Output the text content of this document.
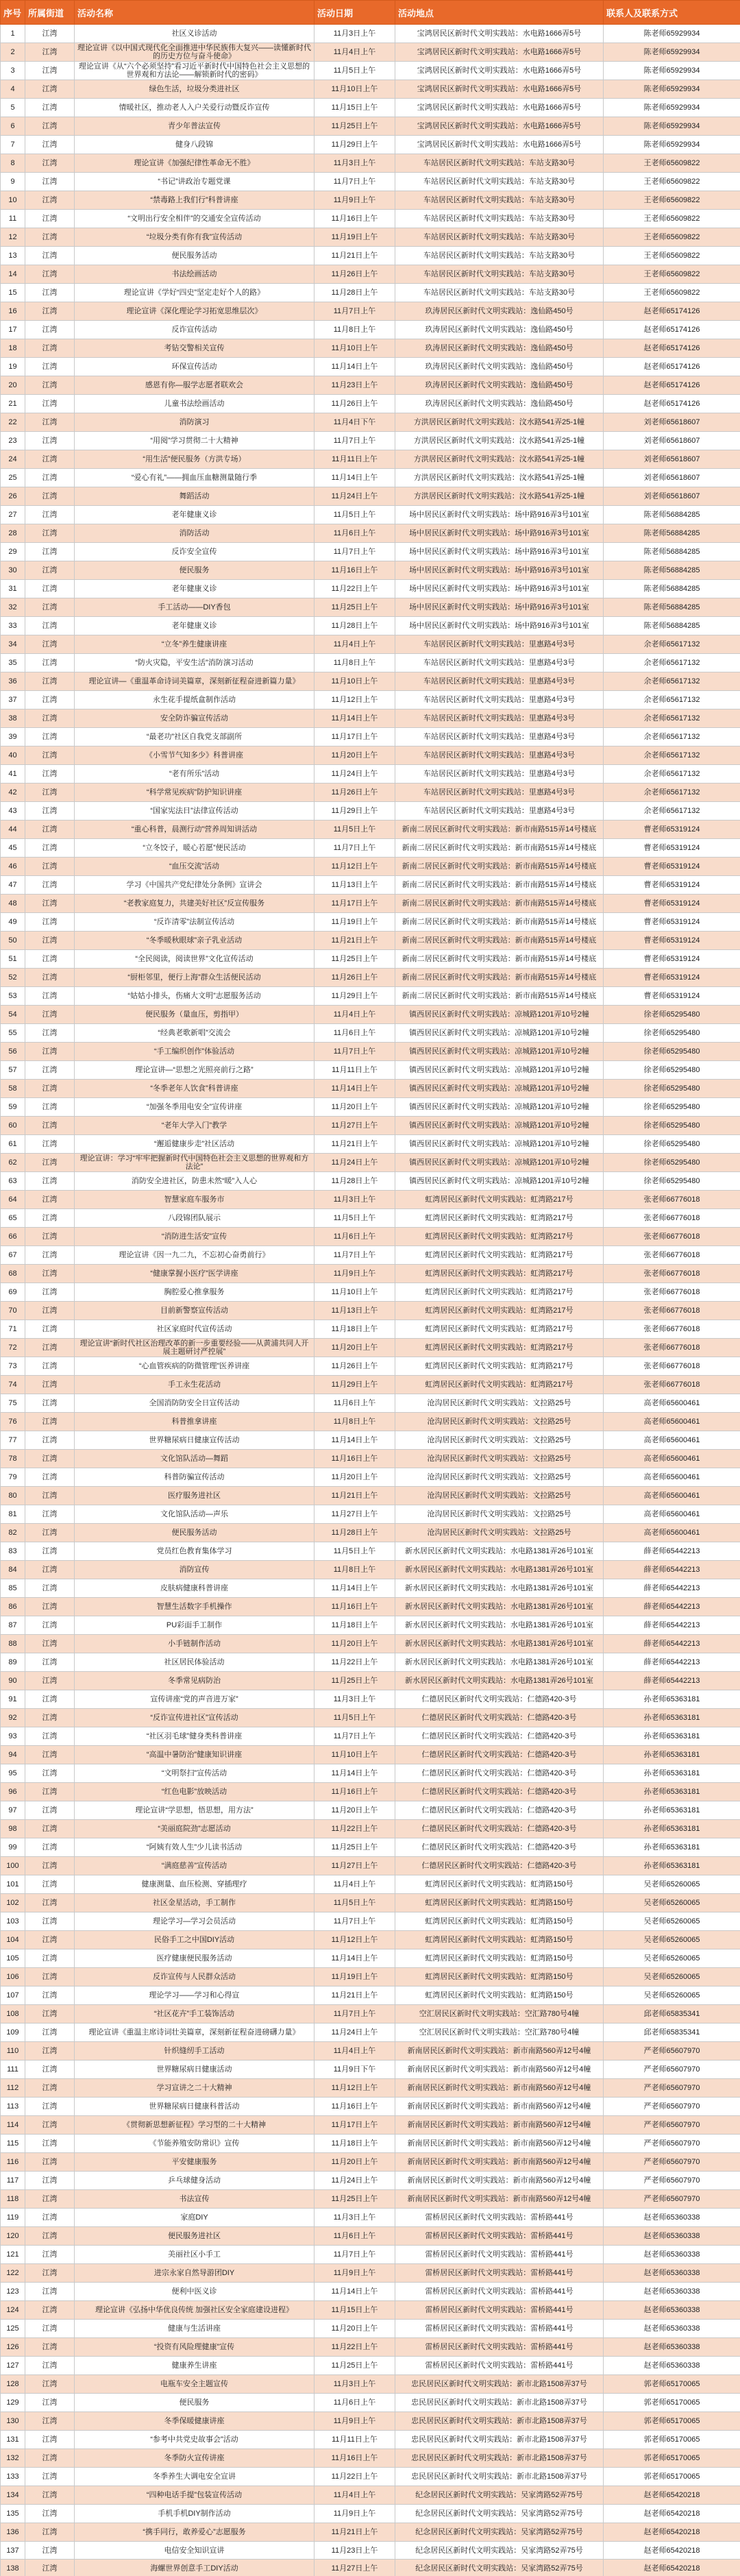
序号	所属街道	活动名称	活动日期	活动地点	联系人及联系方式
1	江湾	社区义诊活动	11月3日上午	宝鸿居民区新时代文明实践站：水电路1666弄5号	陈老师65929934
2	江湾	理论宣讲《以中国式现代化全面推进中华民族伟大复兴——读懂新时代的历史方位与奋斗使命》	11月4日上午	宝鸿居民区新时代文明实践站：水电路1666弄5号	陈老师65929934
3	江湾	理论宣讲《从“六个必须坚持”看习近平新时代中国特色社会主义思想的世界观和方法论——解锁新时代的密码》	11月5日上午	宝鸿居民区新时代文明实践站：水电路1666弄5号	陈老师65929934
4	江湾	绿色生活，垃圾分类进社区	11月10日上午	宝鸿居民区新时代文明实践站：水电路1666弄5号	陈老师65929934
5	江湾	情暖社区，推动老人入户关爱行动暨反诈宣传	11月15日上午	宝鸿居民区新时代文明实践站：水电路1666弄5号	陈老师65929934
6	江湾	青少年普法宣传	11月25日上午	宝鸿居民区新时代文明实践站：水电路1666弄5号	陈老师65929934
7	江湾	健身八段锦	11月29日上午	宝鸿居民区新时代文明实践站：水电路1666弄5号	陈老师65929934
8	江湾	理论宣讲《加强纪律性革命无不胜》	11月3日上午	车站居民区新时代文明实践站：车站支路30号	王老师65609822
9	江湾	“书记”讲政治专题党课	11月7日上午	车站居民区新时代文明实践站：车站支路30号	王老师65609822
10	江湾	“禁毒路上我们行”科普讲座	11月9日上午	车站居民区新时代文明实践站：车站支路30号	王老师65609822
11	江湾	“文明出行安全相伴”的交通安全宣传活动	11月16日上午	车站居民区新时代文明实践站：车站支路30号	王老师65609822
12	江湾	“垃圾分类有你有我”宣传活动	11月19日上午	车站居民区新时代文明实践站：车站支路30号	王老师65609822
13	江湾	便民服务活动	11月21日上午	车站居民区新时代文明实践站：车站支路30号	王老师65609822
14	江湾	书法绘画活动	11月26日上午	车站居民区新时代文明实践站：车站支路30号	王老师65609822
15	江湾	理论宣讲《学好“四史”坚定走好个人的路》	11月28日上午	车站居民区新时代文明实践站：车站支路30号	王老师65609822
16	江湾	理论宣讲《深化理论学习拓宽思维层次》	11月7日上午	玖涛居民区新时代文明实践站：逸仙路450号	赵老师65174126
17	江湾	反诈宣传活动	11月8日上午	玖涛居民区新时代文明实践站：逸仙路450号	赵老师65174126
18	江湾	考钻交警相关宣传	11月10日上午	玖涛居民区新时代文明实践站：逸仙路450号	赵老师65174126
19	江湾	环保宣传活动	11月14日上午	玖涛居民区新时代文明实践站：逸仙路450号	赵老师65174126
20	江湾	感恩有你—服学志愿者联欢会	11月23日上午	玖涛居民区新时代文明实践站：逸仙路450号	赵老师65174126
21	江湾	儿童书法绘画活动	11月26日上午	玖涛居民区新时代文明实践站：逸仙路450号	赵老师65174126
22	江湾	消防演习	11月4日下午	方洪居民区新时代文明实践站：汶水路541弄25-1幢	刘老师65618607
23	江湾	“用阅”学习贯彻二十大精神	11月7日上午	方洪居民区新时代文明实践站：汶水路541弄25-1幢	刘老师65618607
24	江湾	“用生活”便民服务（方洪专场）	11月11日上午	方洪居民区新时代文明实践站：汶水路541弄25-1幢	刘老师65618607
25	江湾	“爱心有礼”——拥血压血糖测量随行季	11月14日上午	方洪居民区新时代文明实践站：汶水路541弄25-1幢	刘老师65618607
26	江湾	舞蹈活动	11月24日上午	方洪居民区新时代文明实践站：汶水路541弄25-1幢	刘老师65618607
27	江湾	老年健康义诊	11月5日上午	场中居民区新时代文明实践站：场中路916弄3号101室	陈老师56884285
28	江湾	消防活动	11月6日上午	场中居民区新时代文明实践站：场中路916弄3号101室	陈老师56884285
29	江湾	反诈安全宣传	11月7日上午	场中居民区新时代文明实践站：场中路916弄3号101室	陈老师56884285
30	江湾	便民服务	11月16日上午	场中居民区新时代文明实践站：场中路916弄3号101室	陈老师56884285
31	江湾	老年健康义诊	11月22日上午	场中居民区新时代文明实践站：场中路916弄3号101室	陈老师56884285
32	江湾	手工活动——DIY香包	11月25日上午	场中居民区新时代文明实践站：场中路916弄3号101室	陈老师56884285
33	江湾	老年健康义诊	11月28日上午	场中居民区新时代文明实践站：场中路916弄3号101室	陈老师56884285
34	江湾	“立冬”养生健康讲座	11月4日上午	车站居民区新时代文明实践站：里惠路4号3号	余老师65617132
35	江湾	“防火灾隐，平安生活”消防演习活动	11月8日上午	车站居民区新时代文明实践站：里惠路4号3号	余老师65617132
36	江湾	理论宣讲—《重温革命诗词美篇章，深刻新征程奋进新篇力量》	11月10日上午	车站居民区新时代文明实践站：里惠路4号3号	余老师65617132
37	江湾	永生花手提纸盒制作活动	11月12日上午	车站居民区新时代文明实践站：里惠路4号3号	余老师65617132
38	江湾	安全防诈骗宣传活动	11月14日上午	车站居民区新时代文明实践站：里惠路4号3号	余老师65617132
39	江湾	“最老功”社区自我党支部副所	11月17日上午	车站居民区新时代文明实践站：里惠路4号3号	余老师65617132
40	江湾	《小雪节气知多少》科普讲座	11月20日上午	车站居民区新时代文明实践站：里惠路4号3号	余老师65617132
41	江湾	“老有所乐”活动	11月24日上午	车站居民区新时代文明实践站：里惠路4号3号	余老师65617132
42	江湾	“科学常见疾病”防护知识讲座	11月26日上午	车站居民区新时代文明实践站：里惠路4号3号	余老师65617132
43	江湾	“国家宪法日”法律宣传活动	11月29日上午	车站居民区新时代文明实践站：里惠路4号3号	余老师65617132
44	江湾	“重心科普，晨测行动”营养周知讲活动	11月5日上午	新南二居民区新时代文明实践站：新市南路515弄14号楼底	曹老师65319124
45	江湾	“立冬饺子，暖心若愿”便民活动	11月7日上午	新南二居民区新时代文明实践站：新市南路515弄14号楼底	曹老师65319124
46	江湾	“血压交流”活动	11月12日上午	新南二居民区新时代文明实践站：新市南路515弄14号楼底	曹老师65319124
47	江湾	学习《中国共产党纪律处分条例》宣讲会	11月13日上午	新南二居民区新时代文明实践站：新市南路515弄14号楼底	曹老师65319124
48	江湾	“老教家庭复力，共建美好社区”反宣传服务	11月17日上午	新南二居民区新时代文明实践站：新市南路515弄14号楼底	曹老师65319124
49	江湾	“反诈清零”法制宣传活动	11月19日上午	新南二居民区新时代文明实践站：新市南路515弄14号楼底	曹老师65319124
50	江湾	“冬季暖秋眼球”亲子乳业活动	11月21日上午	新南二居民区新时代文明实践站：新市南路515弄14号楼底	曹老师65319124
51	江湾	“全民阅读，阅读世界”文化宣传活动	11月25日上午	新南二居民区新时代文明实践站：新市南路515弄14号楼底	曹老师65319124
52	江湾	“厨柜邻里，便行上海”群众生活便民活动	11月26日上午	新南二居民区新时代文明实践站：新市南路515弄14号楼底	曹老师65319124
53	江湾	“姑姑小排头，伤痛大文明”志愿服务活动	11月29日上午	新南二居民区新时代文明实践站：新市南路515弄14号楼底	曹老师65319124
54	江湾	便民服务（量血压，剪指甲）	11月4日上午	镇西居民区新时代文明实践站：凉城路1201弄10号2幢	徐老师65295480
55	江湾	“经典老歌新唱”交流会	11月6日上午	镇西居民区新时代文明实践站：凉城路1201弄10号2幢	徐老师65295480
56	江湾	“手工编织创作”体验活动	11月7日上午	镇西居民区新时代文明实践站：凉城路1201弄10号2幢	徐老师65295480
57	江湾	理论宣讲—“思想之光照亮前行之路”	11月11日上午	镇西居民区新时代文明实践站：凉城路1201弄10号2幢	徐老师65295480
58	江湾	“冬季老年人饮食”科普讲座	11月14日上午	镇西居民区新时代文明实践站：凉城路1201弄10号2幢	徐老师65295480
59	江湾	“加强冬季用电安全”宣传讲座	11月20日上午	镇西居民区新时代文明实践站：凉城路1201弄10号2幢	徐老师65295480
60	江湾	“老年大学入门”教学	11月27日上午	镇西居民区新时代文明实践站：凉城路1201弄10号2幢	徐老师65295480
61	江湾	“邂逅健康步走”社区活动	11月21日上午	镇西居民区新时代文明实践站：凉城路1201弄10号2幢	徐老师65295480
62	江湾	理论宣讲：学习“牢牢把握新时代中国特色社会主义思想的世界观和方法论”	11月24日上午	镇西居民区新时代文明实践站：凉城路1201弄10号2幢	徐老师65295480
63	江湾	消防安全进社区，防患未然“暖”入人心	11月28日上午	镇西居民区新时代文明实践站：凉城路1201弄10号2幢	徐老师65295480
64	江湾	智慧家庭车服务市	11月3日上午	虹湾居民区新时代文明实践站：虹湾路217号	张老师66776018
65	江湾	八段锦团队展示	11月5日上午	虹湾居民区新时代文明实践站：虹湾路217号	张老师66776018
66	江湾	“消防进生活安”宣传	11月6日上午	虹湾居民区新时代文明实践站：虹湾路217号	张老师66776018
67	江湾	理论宣讲《因一九二九，不忘初心奋勇前行》	11月7日上午	虹湾居民区新时代文明实践站：虹湾路217号	张老师66776018
68	江湾	“健康掌握小医疗”医学讲座	11月9日上午	虹湾居民区新时代文明实践站：虹湾路217号	张老师66776018
69	江湾	胸腔爱心推拿服务	11月10日上午	虹湾居民区新时代文明实践站：虹湾路217号	张老师66776018
70	江湾	目前新警察宣传活动	11月13日上午	虹湾居民区新时代文明实践站：虹湾路217号	张老师66776018
71	江湾	社区家庭时代宣传活动	11月18日上午	虹湾居民区新时代文明实践站：虹湾路217号	张老师66776018
72	江湾	理论宣讲“新时代社区治理改革的新一步重要经验——从黄浦共同人开展主题研讨严控展”	11月20日上午	虹湾居民区新时代文明实践站：虹湾路217号	张老师66776018
73	江湾	“心血管疾病的防微管理”医养讲座	11月26日上午	虹湾居民区新时代文明实践站：虹湾路217号	张老师66776018
74	江湾	手工永生花活动	11月29日上午	虹湾居民区新时代文明实践站：虹湾路217号	张老师66776018
75	江湾	全国消防防安全日宣传活动	11月6日上午	沧沟居民区新时代文明实践站：文拉路25号	高老师65600461
76	江湾	科普推拿讲座	11月8日上午	沧沟居民区新时代文明实践站：文拉路25号	高老师65600461
77	江湾	世界糖尿病日健康宣传活动	11月14日上午	沧沟居民区新时代文明实践站：文拉路25号	高老师65600461
78	江湾	文化馆队活动—舞蹈	11月16日上午	沧沟居民区新时代文明实践站：文拉路25号	高老师65600461
79	江湾	科普防骗宣传活动	11月20日上午	沧沟居民区新时代文明实践站：文拉路25号	高老师65600461
80	江湾	医疗服务进社区	11月21日上午	沧沟居民区新时代文明实践站：文拉路25号	高老师65600461
81	江湾	文化馆队活动—声乐	11月27日上午	沧沟居民区新时代文明实践站：文拉路25号	高老师65600461
82	江湾	便民服务活动	11月28日上午	沧沟居民区新时代文明实践站：文拉路25号	高老师65600461
83	江湾	党员红色教育集体学习	11月5日上午	新水居民区新时代文明实践站：水电路1381弄26号101室	薛老师65442213
84	江湾	消防宣传	11月8日上午	新水居民区新时代文明实践站：水电路1381弄26号101室	薛老师65442213
85	江湾	皮肤病健康科普讲座	11月14日上午	新水居民区新时代文明实践站：水电路1381弄26号101室	薛老师65442213
86	江湾	智慧生活数字手机操作	11月16日上午	新水居民区新时代文明实践站：水电路1381弄26号101室	薛老师65442213
87	江湾	PU彩面手工制作	11月18日上午	新水居民区新时代文明实践站：水电路1381弄26号101室	薛老师65442213
88	江湾	小手链制作活动	11月20日上午	新水居民区新时代文明实践站：水电路1381弄26号101室	薛老师65442213
89	江湾	社区居民体验活动	11月22日上午	新水居民区新时代文明实践站：水电路1381弄26号101室	薛老师65442213
90	江湾	冬季常见病防治	11月25日上午	新水居民区新时代文明实践站：水电路1381弄26号101室	薛老师65442213
91	江湾	宣传讲座“党的声音进万家”	11月3日上午	仁德居民区新时代文明实践站：仁德路420-3号	孙老师65363181
92	江湾	“反诈宣传进社区”宣传活动	11月5日上午	仁德居民区新时代文明实践站：仁德路420-3号	孙老师65363181
93	江湾	“社区羽毛球”健身类科普讲座	11月7日上午	仁德居民区新时代文明实践站：仁德路420-3号	孙老师65363181
94	江湾	“高温中暑防治”健康知识讲座	11月10日上午	仁德居民区新时代文明实践站：仁德路420-3号	孙老师65363181
95	江湾	“文明祭扫”宣传活动	11月14日上午	仁德居民区新时代文明实践站：仁德路420-3号	孙老师65363181
96	江湾	“红色电影”放映活动	11月16日上午	仁德居民区新时代文明实践站：仁德路420-3号	孙老师65363181
97	江湾	理论宣讲“学思想，悟思想，用方法”	11月20日上午	仁德居民区新时代文明实践站：仁德路420-3号	孙老师65363181
98	江湾	“美丽庭院劲”志愿活动	11月22日上午	仁德居民区新时代文明实践站：仁德路420-3号	孙老师65363181
99	江湾	“阿姨有效人生”少儿读书活动	11月25日上午	仁德居民区新时代文明实践站：仁德路420-3号	孙老师65363181
100	江湾	“满庭慈善”宣传活动	11月27日上午	仁德居民区新时代文明实践站：仁德路420-3号	孙老师65363181
101	江湾	健康测量、血压检测、穿插理疗	11月4日上午	虹湾居民区新时代文明实践站：虹湾路150号	吴老师65260065
102	江湾	社区金星活动，手工制作	11月5日上午	虹湾居民区新时代文明实践站：虹湾路150号	吴老师65260065
103	江湾	理论学习—学习会员活动	11月7日上午	虹湾居民区新时代文明实践站：虹湾路150号	吴老师65260065
104	江湾	民俗手工之中国DIY活动	11月12日上午	虹湾居民区新时代文明实践站：虹湾路150号	吴老师65260065
105	江湾	医疗健康便民服务活动	11月14日上午	虹湾居民区新时代文明实践站：虹湾路150号	吴老师65260065
106	江湾	反诈宣传与人民群众活动	11月19日上午	虹湾居民区新时代文明实践站：虹湾路150号	吴老师65260065
107	江湾	理论学习——学习和心得宣	11月21日上午	虹湾居民区新时代文明实践站：虹湾路150号	吴老师65260065
108	江湾	“社区花卉”手工装饰活动	11月7日上午	空汇居民区新时代文明实践站：空汇路780号4幢	邱老师65835341
109	江湾	理论宣讲《重温主席诗词壮美篇章，深刻新征程奋进磅礴力量》	11月24日上午	空汇居民区新时代文明实践站：空汇路780号4幢	邱老师65835341
110	江湾	针织缝纫手工活动	11月4日上午	新南居民区新时代文明实践站：新市南路560弄12号4幢	严老师65607970
111	江湾	世界糖尿病日健康活动	11月9日下午	新南居民区新时代文明实践站：新市南路560弄12号4幢	严老师65607970
112	江湾	学习宣讲之二十大精神	11月12日上午	新南居民区新时代文明实践站：新市南路560弄12号4幢	严老师65607970
113	江湾	世界糖尿病日健康科普活动	11月16日上午	新南居民区新时代文明实践站：新市南路560弄12号4幢	严老师65607970
114	江湾	《贯彻新思想新征程》学习型的二十大精神	11月17日上午	新南居民区新时代文明实践站：新市南路560弄12号4幢	严老师65607970
115	江湾	《节能养殖安防常识》宣传	11月18日上午	新南居民区新时代文明实践站：新市南路560弄12号4幢	严老师65607970
116	江湾	平安健康服务	11月20日上午	新南居民区新时代文明实践站：新市南路560弄12号4幢	严老师65607970
117	江湾	乒乓球健身活动	11月24日上午	新南居民区新时代文明实践站：新市南路560弄12号4幢	严老师65607970
118	江湾	书法宣传	11月25日上午	新南居民区新时代文明实践站：新市南路560弄12号4幢	严老师65607970
119	江湾	家庭DIY	11月3日上午	雷桥居民区新时代文明实践站：雷桥路441号	赵老师65360338
120	江湾	便民服务进社区	11月6日上午	雷桥居民区新时代文明实践站：雷桥路441号	赵老师65360338
121	江湾	美丽社区小手工	11月7日上午	雷桥居民区新时代文明实践站：雷桥路441号	赵老师65360338
122	江湾	进宗永家自然导游团DIY	11月9日上午	雷桥居民区新时代文明实践站：雷桥路441号	赵老师65360338
123	江湾	便利中医义诊	11月14日上午	雷桥居民区新时代文明实践站：雷桥路441号	赵老师65360338
124	江湾	理论宣讲《弘扬中华优良传统 加强社区安全家庭建设进程》	11月15日上午	雷桥居民区新时代文明实践站：雷桥路441号	赵老师65360338
125	江湾	健康与生活讲座	11月20日上午	雷桥居民区新时代文明实践站：雷桥路441号	赵老师65360338
126	江湾	“投资有风险理健康”宣传	11月22日上午	雷桥居民区新时代文明实践站：雷桥路441号	赵老师65360338
127	江湾	健康养生讲座	11月25日上午	雷桥居民区新时代文明实践站：雷桥路441号	赵老师65360338
128	江湾	电瓶车安全主题宣传	11月3日上午	忠民居民区新时代文明实践站：新市北路1508弄37号	郭老师65170065
129	江湾	便民服务	11月6日上午	忠民居民区新时代文明实践站：新市北路1508弄37号	郭老师65170065
130	江湾	冬季保暖健康讲座	11月9日上午	忠民居民区新时代文明实践站：新市北路1508弄37号	郭老师65170065
131	江湾	“参考中共党史故事会”活动	11月11日上午	忠民居民区新时代文明实践站：新市北路1508弄37号	郭老师65170065
132	江湾	冬季防火宣传讲座	11月16日上午	忠民居民区新时代文明实践站：新市北路1508弄37号	郭老师65170065
133	江湾	冬季养生大调电安全宣讲	11月22日上午	忠民居民区新时代文明实践站：新市北路1508弄37号	郭老师65170065
134	江湾	“四种电话手提”包装宣传活动	11月4日上午	纪念居民区新时代文明实践站：吴家湾路52弄75号	赵老师65420218
135	江湾	手机手机DIY制作活动	11月9日上午	纪念居民区新时代文明实践站：吴家湾路52弄75号	赵老师65420218
136	江湾	“携手同行，敢养爱心”志愿服务	11月21日上午	纪念居民区新时代文明实践站：吴家湾路52弄75号	赵老师65420218
137	江湾	电信安全知识宣讲	11月23日上午	纪念居民区新时代文明实践站：吴家湾路52弄75号	赵老师65420218
138	江湾	海螺世界创意手工DIY活动	11月27日上午	纪念居民区新时代文明实践站：吴家湾路52弄75号	赵老师65420218
